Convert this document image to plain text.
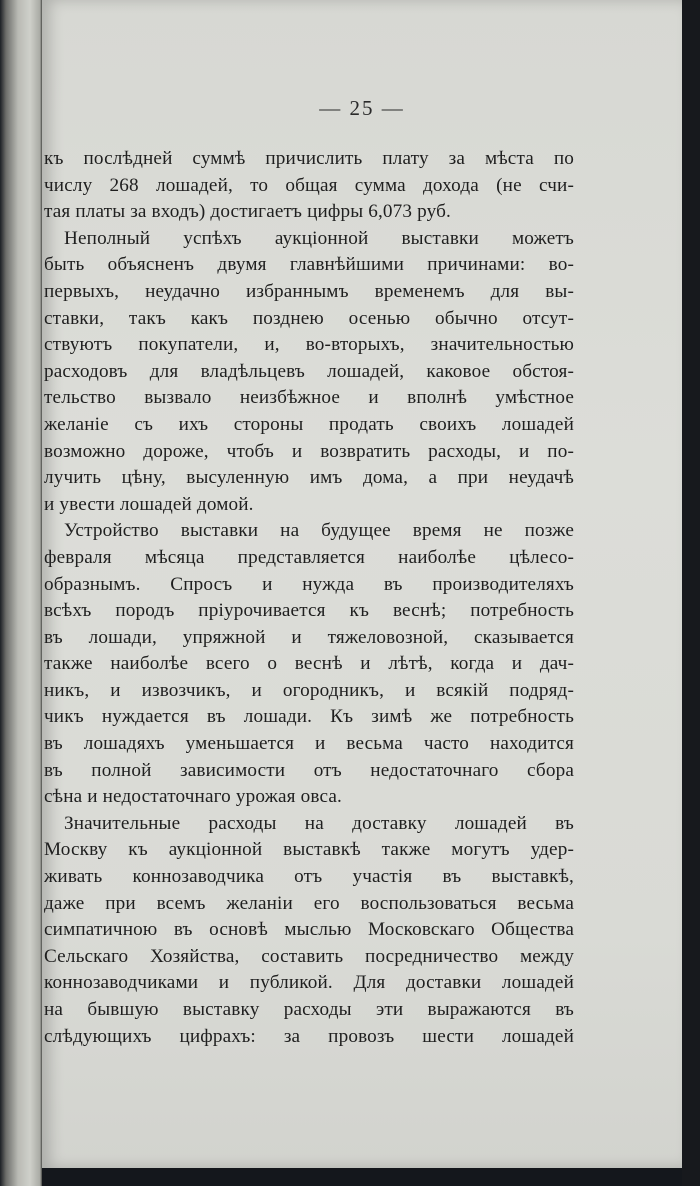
— 25 —
къ послѣдней суммѣ причислить плату за мѣста по
числу 268 лошадей, то общая сумма дохода (не счи-
тая платы за входъ) достигаетъ цифры 6,073 руб.
Неполный успѣхъ аукціонной выставки можетъ
быть объясненъ двумя главнѣйшими причинами: во-
первыхъ, неудачно избраннымъ временемъ для вы-
ставки, такъ какъ позднею осенью обычно отсут-
ствуютъ покупатели, и, во-вторыхъ, значительностью
расходовъ для владѣльцевъ лошадей, каковое обстоя-
тельство вызвало неизбѣжное и вполнѣ умѣстное
желаніе съ ихъ стороны продать своихъ лошадей
возможно дороже, чтобъ и возвратить расходы, и по-
лучить цѣну, высуленную имъ дома, а при неудачѣ
и увести лошадей домой.
Устройство выставки на будущее время не позже
февраля мѣсяца представляется наиболѣе цѣлесо-
образнымъ. Спросъ и нужда въ производителяхъ
всѣхъ породъ пріурочивается къ веснѣ; потребность
въ лошади, упряжной и тяжеловозной, сказывается
также наиболѣе всего о веснѣ и лѣтѣ, когда и дач-
никъ, и извозчикъ, и огородникъ, и всякій подряд-
чикъ нуждается въ лошади. Къ зимѣ же потребность
въ лошадяхъ уменьшается и весьма часто находится
въ полной зависимости отъ недостаточнаго сбора
сѣна и недостаточнаго урожая овса.
Значительные расходы на доставку лошадей въ
Москву къ аукціонной выставкѣ также могутъ удер-
живать коннозаводчика отъ участія въ выставкѣ,
даже при всемъ желаніи его воспользоваться весьма
симпатичною въ основѣ мыслью Московскаго Общества
Сельскаго Хозяйства, составить посредничество между
коннозаводчиками и публикой. Для доставки лошадей
на бывшую выставку расходы эти выражаются въ
слѣдующихъ цифрахъ: за провозъ шести лошадей
